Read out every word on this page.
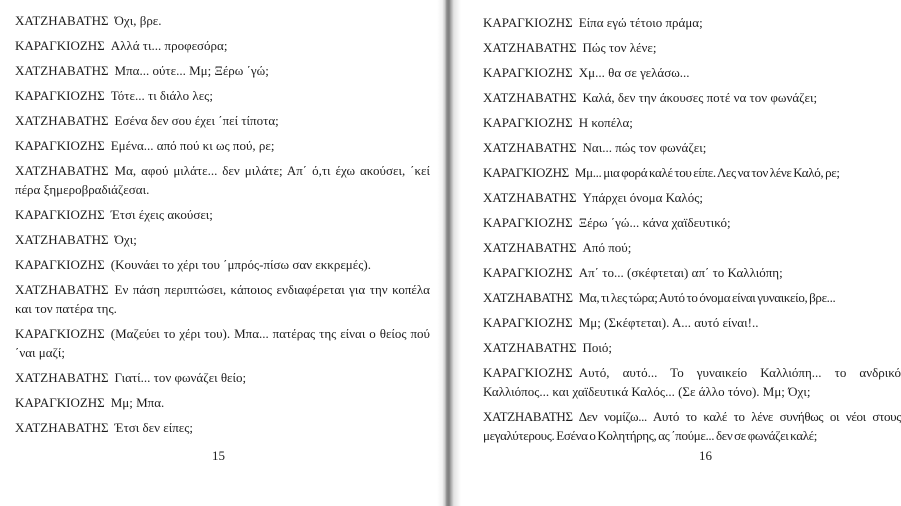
ΧΑΤΖΗΑΒΑΤΗΣ Όχι, βρε.

ΚΑΡΑΓΚΙΟΖΗΣ Αλλά τι... προφεσόρα;

ΧΑΤΖΗΑΒΑΤΗΣ Μπα... ούτε... Μμ; Ξέρω ΄γώ;

ΚΑΡΑΓΚΙΟΖΗΣ Τότε... τι διάλο λες;

ΧΑΤΖΗΑΒΑΤΗΣ Εσένα δεν σου έχει ΄πεί τίποτα;

ΚΑΡΑΓΚΙΟΖΗΣ Εμένα... από πού κι ως πού, ρε;

ΧΑΤΖΗΑΒΑΤΗΣ Μα, αφού μιλάτε... δεν μιλάτε; Απ΄ ό,τι έχω ακούσει, ΄κεί πέρα ξημεροβραδιάζεσαι.

ΚΑΡΑΓΚΙΟΖΗΣ Έτσι έχεις ακούσει;

ΧΑΤΖΗΑΒΑΤΗΣ Όχι;

ΚΑΡΑΓΚΙΟΖΗΣ (Κουνάει το χέρι του ΄μπρός-πίσω σαν εκκρεμές).

ΧΑΤΖΗΑΒΑΤΗΣ Εν πάση περιπτώσει, κάποιος ενδιαφέρεται για την κοπέλα και τον πατέρα της.

ΚΑΡΑΓΚΙΟΖΗΣ (Μαζεύει το χέρι του). Μπα... πατέρας της είναι ο θείος πού ΄ναι μαζί;

ΧΑΤΖΗΑΒΑΤΗΣ Γιατί... τον φωνάζει θείο;

ΚΑΡΑΓΚΙΟΖΗΣ Μμ; Μπα.

ΧΑΤΖΗΑΒΑΤΗΣ Έτσι δεν είπες;

ΚΑΡΑΓΚΙΟΖΗΣ Είπα εγώ τέτοιο πράμα;

ΧΑΤΖΗΑΒΑΤΗΣ Πώς τον λένε;

ΚΑΡΑΓΚΙΟΖΗΣ Χμ... θα σε γελάσω...

ΧΑΤΖΗΑΒΑΤΗΣ Καλά, δεν την άκουσες ποτέ να τον φωνάζει;

ΚΑΡΑΓΚΙΟΖΗΣ Η κοπέλα;

ΧΑΤΖΗΑΒΑΤΗΣ Ναι... πώς τον φωνάζει;

ΚΑΡΑΓΚΙΟΖΗΣ Μμ... μια φορά καλέ του είπε. Λες να τον λένε Καλό, ρε;

ΧΑΤΖΗΑΒΑΤΗΣ Υπάρχει όνομα Καλός;

ΚΑΡΑΓΚΙΟΖΗΣ Ξέρω ΄γώ... κάνα χαϊδευτικό;

ΧΑΤΖΗΑΒΑΤΗΣ Από πού;

ΚΑΡΑΓΚΙΟΖΗΣ Απ΄ το... (σκέφτεται) απ΄ το Καλλιόπη;

ΧΑΤΖΗΑΒΑΤΗΣ Μα, τι λες τώρα; Αυτό το όνομα είναι γυναικείο, βρε...

ΚΑΡΑΓΚΙΟΖΗΣ Μμ; (Σκέφτεται). Α... αυτό είναι!..

ΧΑΤΖΗΑΒΑΤΗΣ Ποιό;

ΚΑΡΑΓΚΙΟΖΗΣ Αυτό, αυτό... Το γυναικείο Καλλιόπη... το ανδρικό Καλλιόπος... και χαϊδευτικά Καλός... (Σε άλλο τόνο). Μμ; Όχι;

ΧΑΤΖΗΑΒΑΤΗΣ Δεν νομίζω... Αυτό το καλέ το λένε συνήθως οι νέοι στους μεγαλύτερους. Εσένα ο Κολητήρης, ας ΄πούμε... δεν σε φωνάζει καλέ;

15	16
